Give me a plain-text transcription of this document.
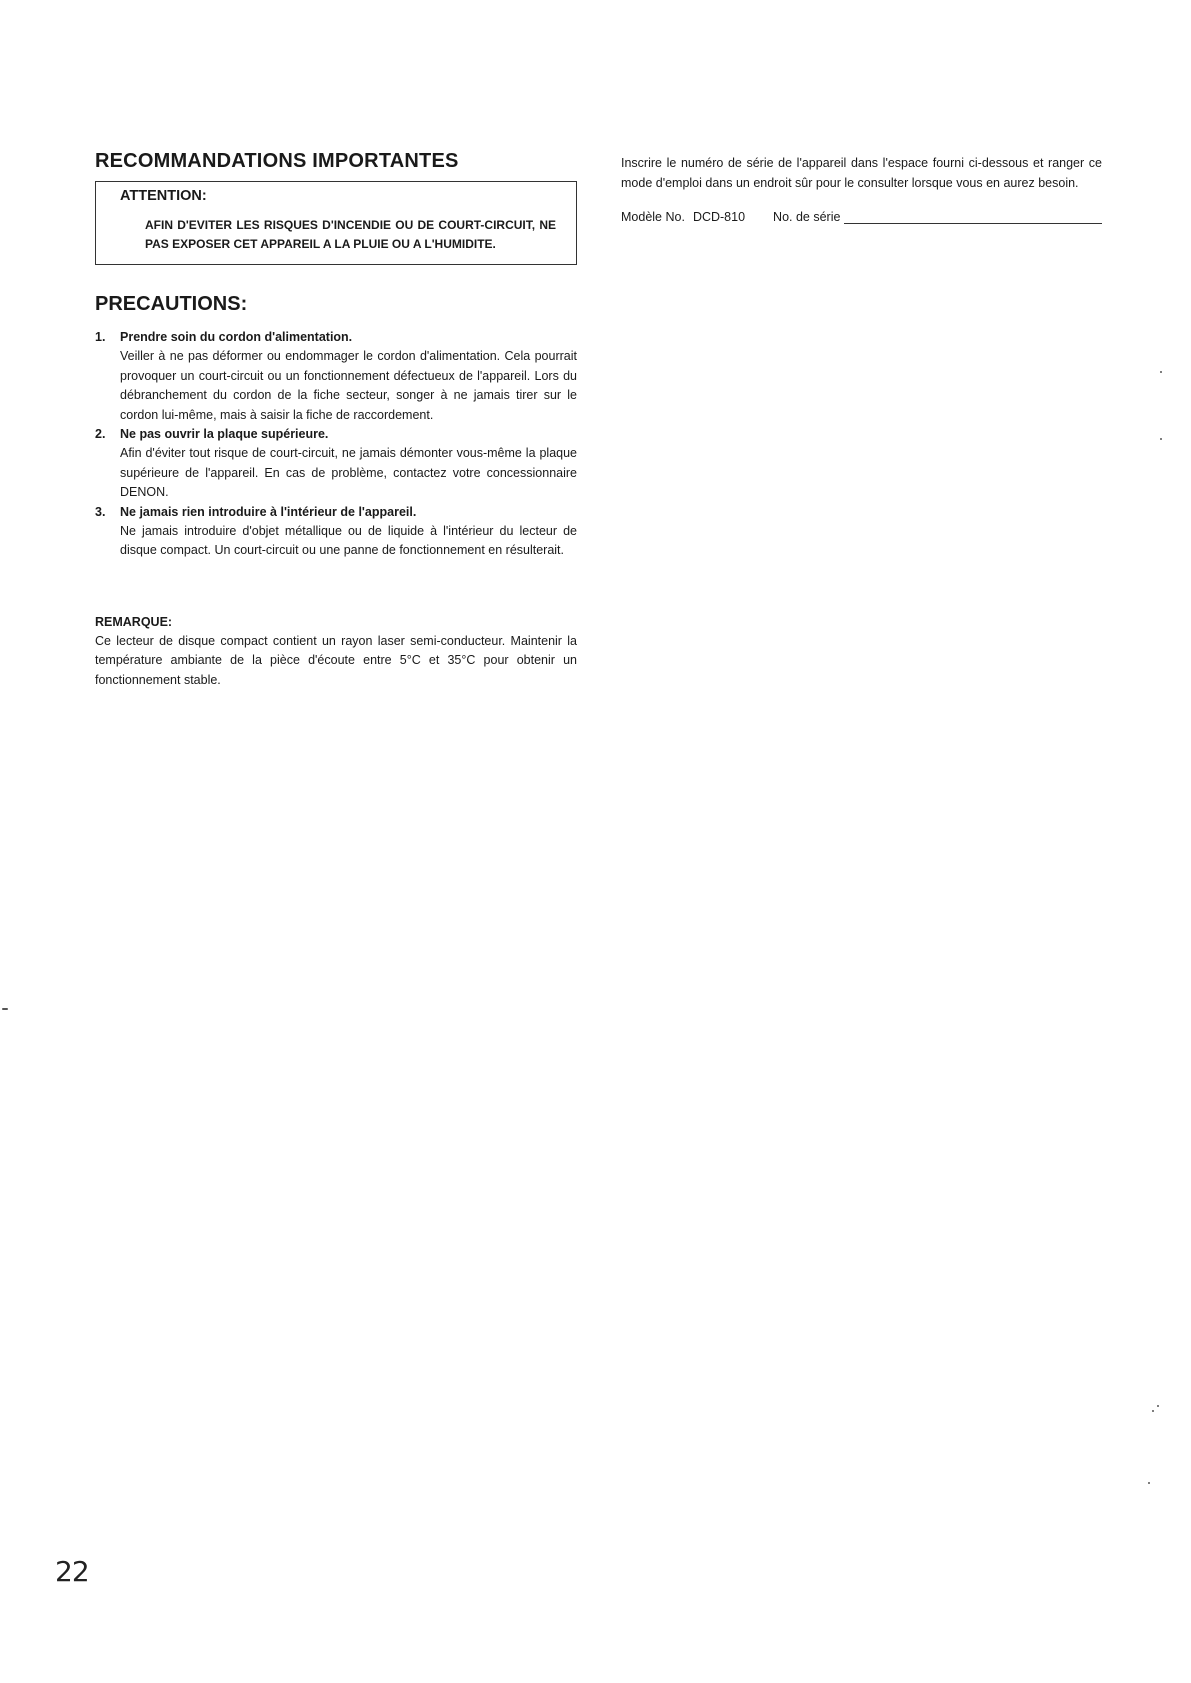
RECOMMANDATIONS IMPORTANTES
ATTENTION:
AFIN D'EVITER LES RISQUES D'INCENDIE OU DE COURT-CIRCUIT, NE PAS EXPOSER CET APPAREIL A LA PLUIE OU A L'HUMIDITE.
PRECAUTIONS:
1.	Prendre soin du cordon d'alimentation.
Veiller à ne pas déformer ou endommager le cordon d'alimentation. Cela pourrait provoquer un court-circuit ou un fonctionnement défectueux de l'appareil. Lors du débranchement du cordon de la fiche secteur, songer à ne jamais tirer sur le cordon lui-même, mais à saisir la fiche de raccordement.
2.	Ne pas ouvrir la plaque supérieure.
Afin d'éviter tout risque de court-circuit, ne jamais démonter vous-même la plaque supérieure de l'appareil. En cas de problème, contactez votre concessionnaire DENON.
3.	Ne jamais rien introduire à l'intérieur de l'appareil.
Ne jamais introduire d'objet métallique ou de liquide à l'intérieur du lecteur de disque compact. Un court-circuit ou une panne de fonctionnement en résulterait.
REMARQUE:
Ce lecteur de disque compact contient un rayon laser semi-conducteur. Maintenir la température ambiante de la pièce d'écoute entre 5°C et 35°C pour obtenir un fonctionnement stable.
Inscrire le numéro de série de l'appareil dans l'espace fourni ci-dessous et ranger ce mode d'emploi dans un endroit sûr pour le consulter lorsque vous en aurez besoin.
Modèle No. DCD-810 No. de série
22
